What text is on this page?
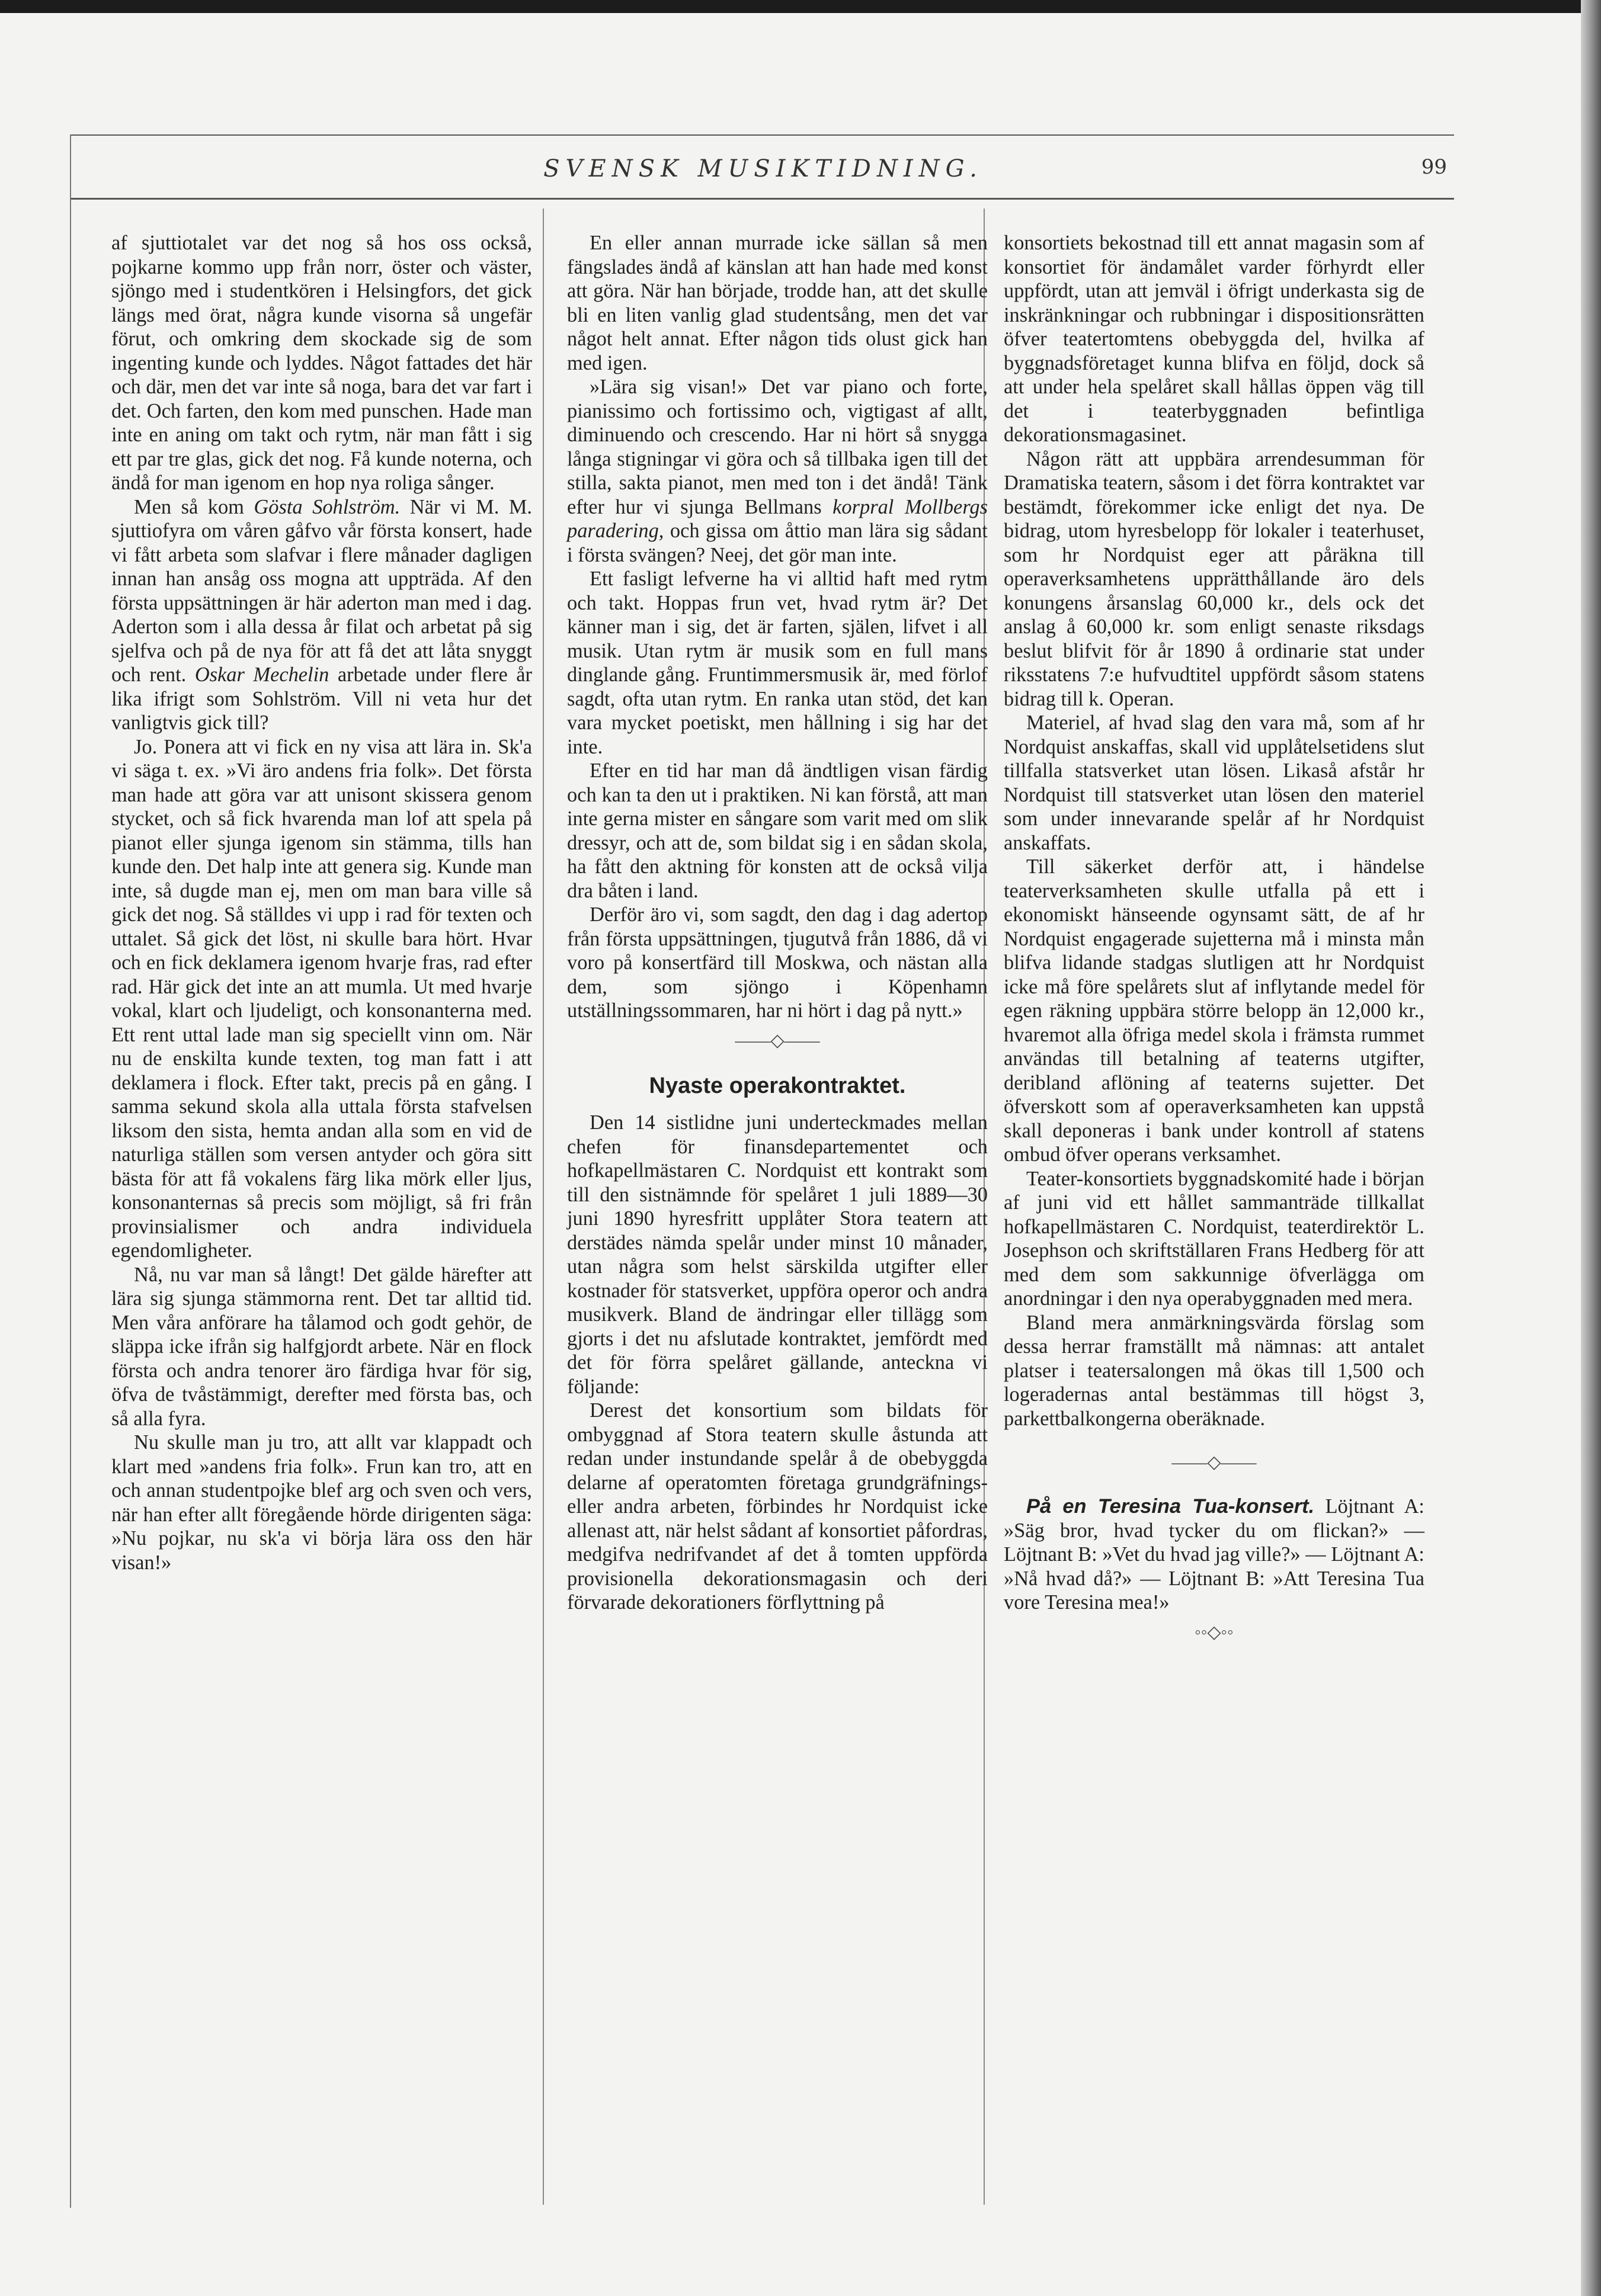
SVENSK MUSIKTIDNING.	99

af sjuttiotalet var det nog så hos oss också, pojkarne kommo upp från norr, öster och väster, sjöngo med i studentkören i Helsingfors, det gick längs med örat, några kunde visorna så ungefär förut, och omkring dem skockade sig de som ingenting kunde och lyddes. Något fattades det här och där, men det var inte så noga, bara det var fart i det. Och farten, den kom med punschen. Hade man inte en aning om takt och rytm, när man fått i sig ett par tre glas, gick det nog. Få kunde noterna, och ändå for man igenom en hop nya roliga sånger.

Men så kom Gösta Sohlström. När vi M. M. sjuttiofyra om våren gåfvo vår första konsert, hade vi fått arbeta som slafvar i flere månader dagligen innan han ansåg oss mogna att uppträda. Af den första uppsättningen är här aderton man med i dag. Aderton som i alla dessa år filat och arbetat på sig sjelfva och på de nya för att få det att låta snyggt och rent. Oskar Mechelin arbetade under flere år lika ifrigt som Sohlström. Vill ni veta hur det vanligtvis gick till?

Jo. Ponera att vi fick en ny visa att lära in. Sk'a vi säga t. ex. »Vi äro andens fria folk». Det första man hade att göra var att unisont skissera genom stycket, och så fick hvarenda man lof att spela på pianot eller sjunga igenom sin stämma, tills han kunde den. Det halp inte att genera sig. Kunde man inte, så dugde man ej, men om man bara ville så gick det nog. Så ställdes vi upp i rad för texten och uttalet. Så gick det löst, ni skulle bara hört. Hvar och en fick deklamera igenom hvarje fras, rad efter rad. Här gick det inte an att mumla. Ut med hvarje vokal, klart och ljudeligt, och konsonanterna med. Ett rent uttal lade man sig speciellt vinn om. När nu de enskilta kunde texten, tog man fatt i att deklamera i flock. Efter takt, precis på en gång. I samma sekund skola alla uttala första stafvelsen liksom den sista, hemta andan alla som en vid de naturliga ställen som versen antyder och göra sitt bästa för att få vokalens färg lika mörk eller ljus, konsonanternas så precis som möjligt, så fri från provinsialismer och andra individuela egendomligheter.

Nå, nu var man så långt! Det gälde härefter att lära sig sjunga stämmorna rent. Det tar alltid tid. Men våra anförare ha tålamod och godt gehör, de släppa icke ifrån sig halfgjordt arbete. När en flock första och andra tenorer äro färdiga hvar för sig, öfva de tvåstämmigt, derefter med första bas, och så alla fyra.

Nu skulle man ju tro, att allt var klappadt och klart med »andens fria folk». Frun kan tro, att en och annan studentpojke blef arg och sven och vers, när han efter allt föregående hörde dirigenten säga: »Nu pojkar, nu sk'a vi börja lära oss den här visan!»

En eller annan murrade icke sällan så men fängslades ändå af känslan att han hade med konst att göra. När han började, trodde han, att det skulle bli en liten vanlig glad studentsång, men det var något helt annat. Efter någon tids olust gick han med igen.

»Lära sig visan!» Det var piano och forte, pianissimo och fortissimo och, vigtigast af allt, diminuendo och crescendo. Har ni hört så snygga långa stigningar vi göra och så tillbaka igen till det stilla, sakta pianot, men med ton i det ändå! Tänk efter hur vi sjunga Bellmans korpral Mollbergs paradering, och gissa om åttio man lära sig sådant i första svängen? Neej, det gör man inte.

Ett fasligt lefverne ha vi alltid haft med rytm och takt. Hoppas frun vet, hvad rytm är? Det känner man i sig, det är farten, själen, lifvet i all musik. Utan rytm är musik som en full mans dinglande gång. Fruntimmersmusik är, med förlof sagdt, ofta utan rytm. En ranka utan stöd, det kan vara mycket poetiskt, men hållning i sig har det inte.

Efter en tid har man då ändtligen visan färdig och kan ta den ut i praktiken. Ni kan förstå, att man inte gerna mister en sångare som varit med om slik dressyr, och att de, som bildat sig i en sådan skola, ha fått den aktning för konsten att de också vilja dra båten i land.

Derför äro vi, som sagdt, den dag i dag adertop från första uppsättningen, tjugutvå från 1886, då vi voro på konsertfärd till Moskwa, och nästan alla dem, som sjöngo i Köpenhamn utställningssommaren, har ni hört i dag på nytt.»

——◇——
Nyaste operakontraktet.

Den 14 sistlidne juni underteckmades mellan chefen för finansdepartementet och hofkapellmästaren C. Nordquist ett kontrakt som till den sistnämnde för spelåret 1 juli 1889—30 juni 1890 hyresfritt upplåter Stora teatern att derstädes nämda spelår under minst 10 månader, utan några som helst särskilda utgifter eller kostnader för statsverket, uppföra operor och andra musikverk. Bland de ändringar eller tillägg som gjorts i det nu afslutade kontraktet, jemfördt med det för förra spelåret gällande, antecknа vi följande:

Derest det konsortium som bildats för ombyggnad af Stora teatern skulle åstunda att redan under instundande spelår å de obebyggda delarne af operatomten företaga grundgräfnings- eller andra arbeten, förbindes hr Nordquist icke allenast att, när helst sådant af konsortiet påfordras, medgifva nedrifvandet af det å tomten uppförda provisionella dekorationsmagasin och deri förvarade dekorationers förflyttning på

konsortiets bekostnad till ett annat magasin som af konsortiet för ändamålet varder förhyrdt eller uppfördt, utan att jemväl i öfrigt underkasta sig de inskränkningar och rubbningar i dispositionsrätten öfver teatertomtens obebyggda del, hvilka af byggnadsföretaget kunna blifva en följd, dock så att under hela spelåret skall hållas öppen väg till det i teaterbyggnaden befintliga dekorationsmagasinet.

Någon rätt att uppbära arrendesumman för Dramatiska teatern, såsom i det förra kontraktet var bestämdt, förekommer icke enligt det nya. De bidrag, utom hyresbelopp för lokaler i teaterhuset, som hr Nordquist eger att påräkna till operaverksamhetens upprätthållande äro dels konungens årsanslag 60,000 kr., dels ock det anslag å 60,000 kr. som enligt senaste riksdags beslut blifvit för år 1890 å ordinarie stat under riksstatens 7:e hufvudtitel uppfördt såsom statens bidrag till k. Operan.

Materiel, af hvad slag den vara må, som af hr Nordquist anskaffas, skall vid upplåtelsetidens slut tillfalla statsverket utan lösen. Likaså afstår hr Nordquist till statsverket utan lösen den materiel som under innevarande spelår af hr Nordquist anskaffats.

Till säkerket derför att, i händelse teaterverksamheten skulle utfalla på ett i ekonomiskt hänseende ogynsamt sätt, de af hr Nordquist engagerade sujetterna må i minsta mån blifva lidande stadgas slutligen att hr Nordquist icke må före spelårets slut af inflytande medel för egen räkning uppbära större belopp än 12,000 kr., hvaremot alla öfriga medel skola i främsta rummet användas till betalning af teaterns utgifter, deribland aflöning af teaterns sujetter. Det öfverskott som af operaverksamheten kan uppstå skall deponeras i bank under kontroll af statens ombud öfver operans verksamhet.

Teater-konsortiets byggnadskomité hade i början af juni vid ett hållet sammanträde tillkallat hofkapellmästaren C. Nordquist, teaterdirektör L. Josephson och skriftställaren Frans Hedberg för att med dem som sakkunnige öfverlägga om anordningar i den nya operabyggnaden med mera.

Bland mera anmärkningsvärda förslag som dessa herrar framställt må nämnas: att antalet platser i teatersalongen må ökas till 1,500 och logeradernas antal bestämmas till högst 3, parkettbalkongerna oberäknade.

——◇——

På en Teresina Tua-konsert. Löjtnant A: »Säg bror, hvad tycker du om flickan?» — Löjtnant B: »Vet du hvad jag ville?» — Löjtnant A: »Nå hvad då?» — Löjtnant B: »Att Teresina Tua vore Teresina mea!»

◦◦◇◦◦
